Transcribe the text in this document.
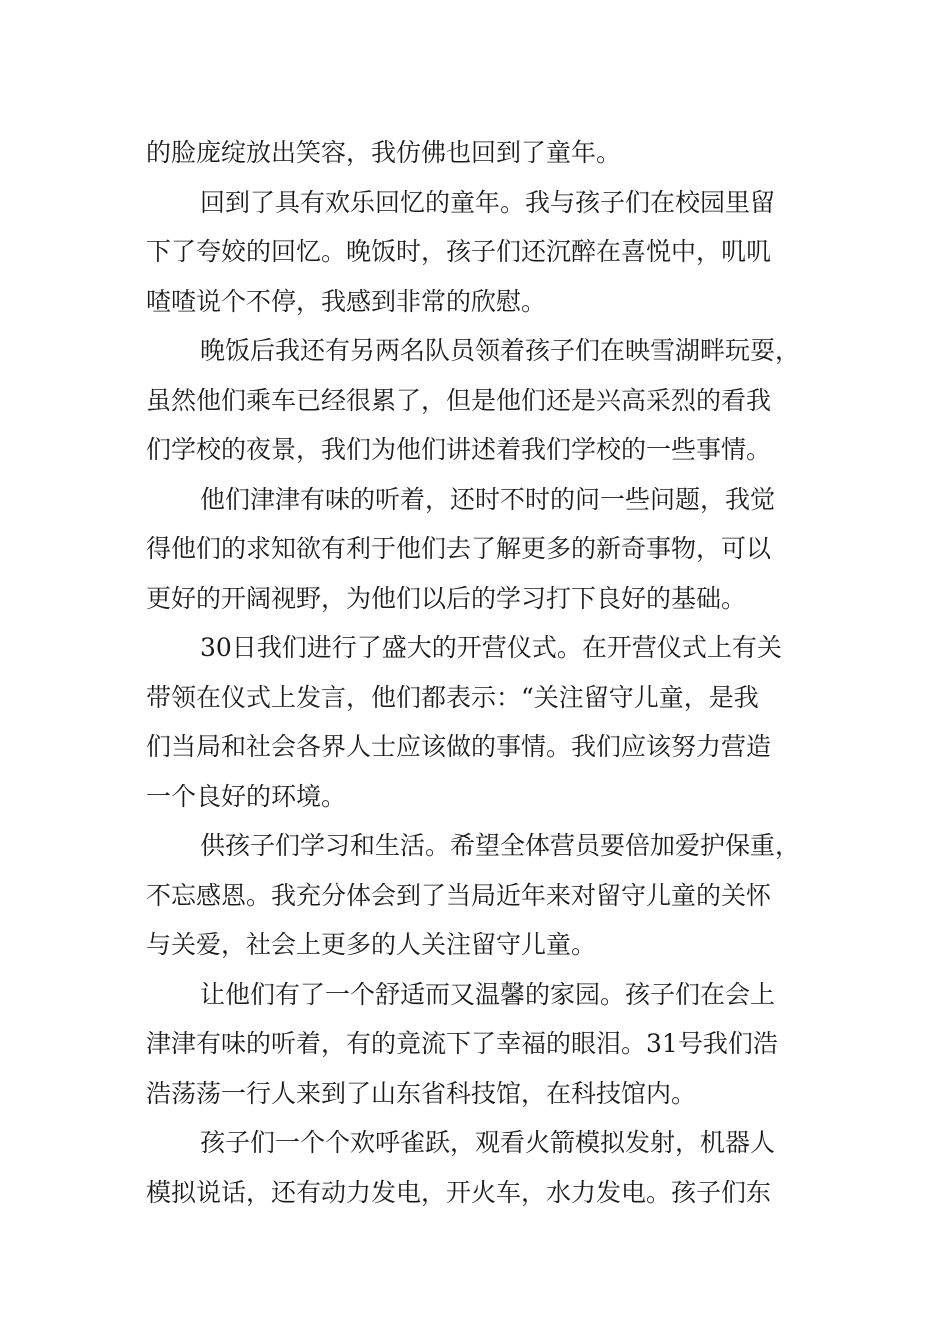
的脸庞绽放出笑容，我仿佛也回到了童年。
回到了具有欢乐回忆的童年。我与孩子们在校园里留
下了夸姣的回忆。晚饭时，孩子们还沉醉在喜悦中，叽叽
喳喳说个不停，我感到非常的欣慰。
晚饭后我还有另两名队员领着孩子们在映雪湖畔玩耍，
虽然他们乘车已经很累了，但是他们还是兴高采烈的看我
们学校的夜景，我们为他们讲述着我们学校的一些事情。
他们津津有味的听着，还时不时的问一些问题，我觉
得他们的求知欲有利于他们去了解更多的新奇事物，可以
更好的开阔视野，为他们以后的学习打下良好的基础。
30日我们进行了盛大的开营仪式。在开营仪式上有关
带领在仪式上发言，他们都表示：“关注留守儿童，是我
们当局和社会各界人士应该做的事情。我们应该努力营造
一个良好的环境。
供孩子们学习和生活。希望全体营员要倍加爱护保重，
不忘感恩。我充分体会到了当局近年来对留守儿童的关怀
与关爱，社会上更多的人关注留守儿童。
让他们有了一个舒适而又温馨的家园。孩子们在会上
津津有味的听着，有的竟流下了幸福的眼泪。31号我们浩
浩荡荡一行人来到了山东省科技馆，在科技馆内。
孩子们一个个欢呼雀跃，观看火箭模拟发射，机器人
模拟说话，还有动力发电，开火车，水力发电。孩子们东
